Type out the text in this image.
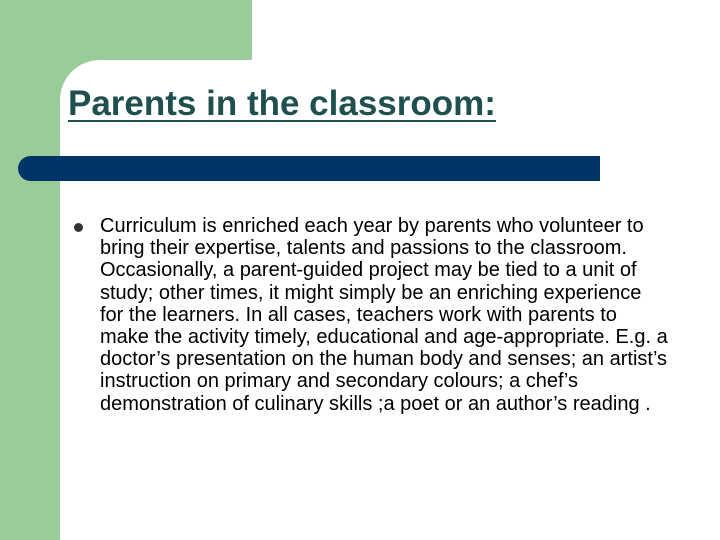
Parents in the classroom:

Curriculum is enriched each year by parents who volunteer to bring their expertise, talents and passions to the classroom. Occasionally, a parent-guided project may be tied to a unit of study; other times, it might simply be an enriching experience for the learners. In all cases, teachers work with parents to make the activity timely, educational and age-appropriate. E.g. a doctor’s presentation on the human body and senses; an artist’s instruction on primary and secondary colours; a chef’s demonstration of culinary skills ;a poet or an author’s reading .
